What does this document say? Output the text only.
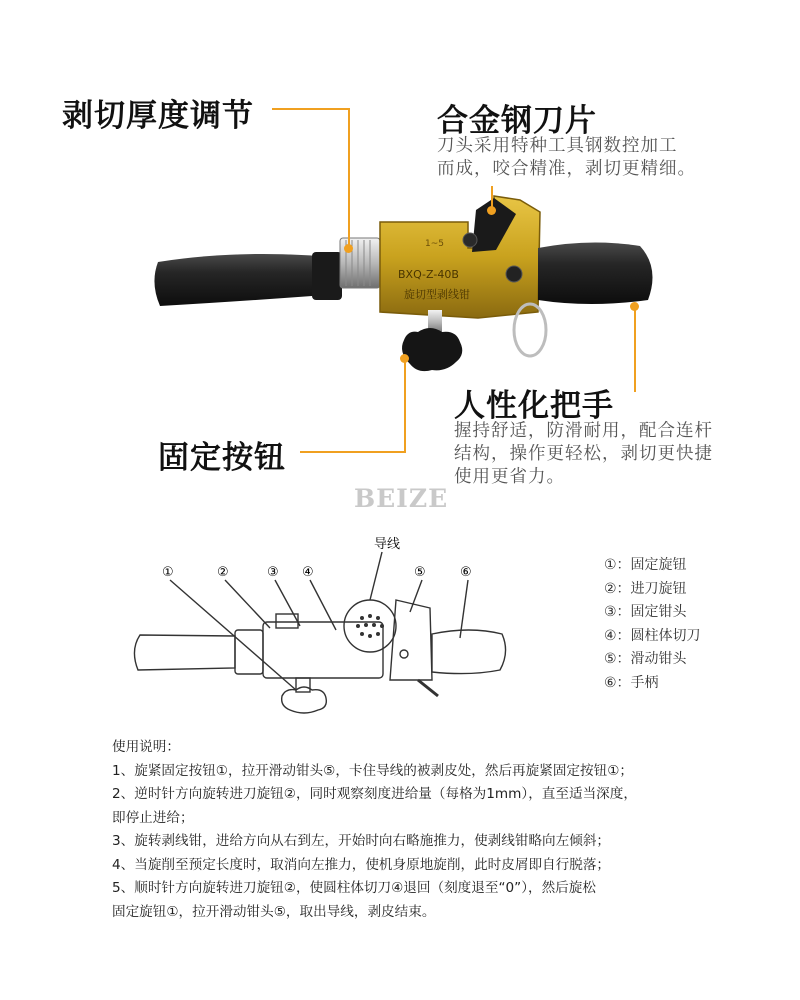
1~5
BXQ-Z-40B
旋切型剥线钳
剥切厚度调节	合金钢刀片
刀头采用特种工具钢数控加工
而成，咬合精准，剥切更精细。
人性化把手
握持舒适，防滑耐用，配合连杆
结构，操作更轻松，剥切更快捷
使用更省力。
固定按钮
BEIZE
①	②	③ ④
导线
⑤	⑥	①：固定旋钮
②：进刀旋钮
③：固定钳头
④：圆柱体切刀
⑤：滑动钳头
⑥：手柄
使用说明：
1、旋紧固定按钮①，拉开滑动钳头⑤，卡住导线的被剥皮处，然后再旋紧固定按钮①；
2、逆时针方向旋转进刀旋钮②，同时观察刻度进给量（每格为1mm），直至适当深度，
即停止进给；
3、旋转剥线钳，进给方向从右到左，开始时向右略施推力，使剥线钳略向左倾斜；
4、当旋削至预定长度时，取消向左推力，使机身原地旋削，此时皮屑即自行脱落；
5、顺时针方向旋转进刀旋钮②，使圆柱体切刀④退回（刻度退至“0”），然后旋松
固定旋钮①，拉开滑动钳头⑤，取出导线，剥皮结束。
